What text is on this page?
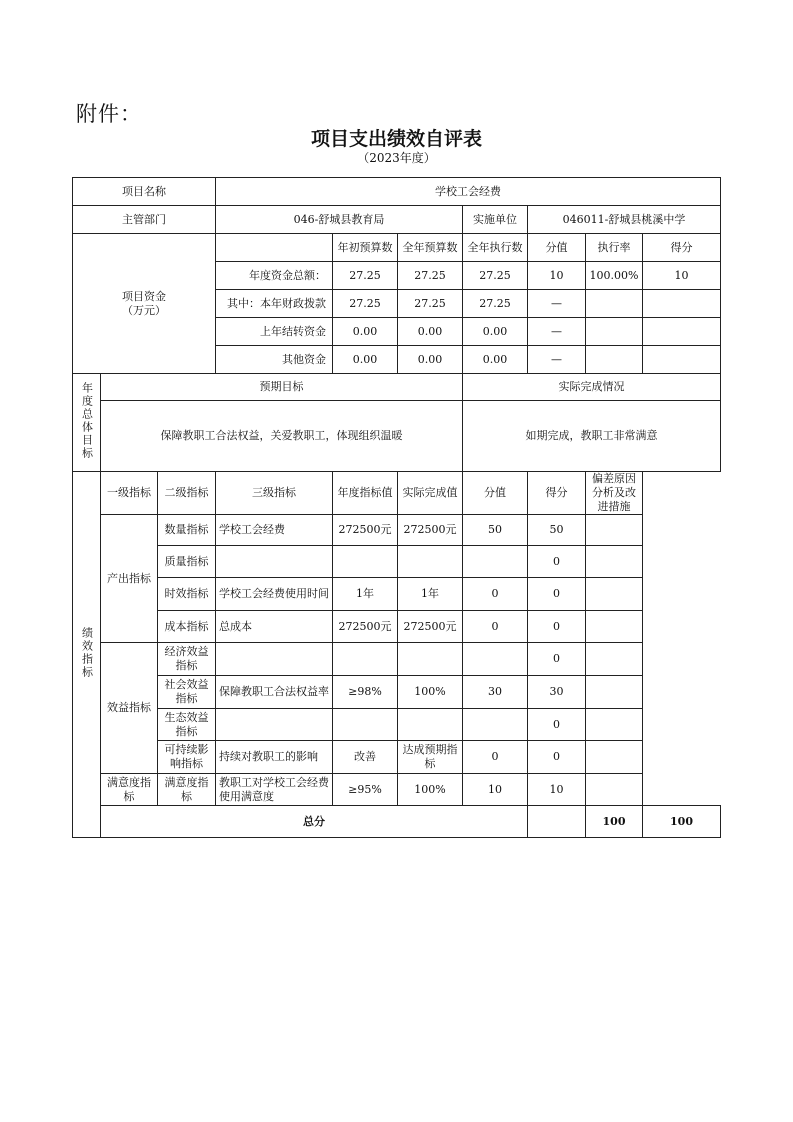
附件：
项目支出绩效自评表
（2023年度）
项目名称			学校工会经费							
主管部门			046-舒城县教育局			实施单位	046011-舒城县桃溪中学			
项目资金
（万元）				年初预算数	全年预算数	全年执行数	分值	执行率	得分	
			年度资金总额：	27.25	27.25	27.25	10	100.00%	10	
			其中：本年财政拨款	27.25	27.25	27.25	—			
			上年结转资金	0.00	0.00	0.00	—			
			其他资金	0.00	0.00	0.00	—			
年度总体目标	预期目标					实际完成情况				
	保障教职工合法权益，关爱教职工，体现组织温暖					如期完成，教职工非常满意				
绩效指标	一级指标	二级指标	三级指标	年度指标值	实际完成值	分值	得分	偏差原因分析及改进措施		
	产出指标	数量指标	学校工会经费	272500元	272500元	50	50			
		质量指标					0			
		时效指标	学校工会经费使用时间	1年	1年	0	0			
		成本指标	总成本	272500元	272500元	0	0			
	效益指标	经济效益指标					0			
		社会效益指标	保障教职工合法权益率	≥98%	100%	30	30			
		生态效益指标					0			
		可持续影响指标	持续对教职工的影响	改善	达成预期指标	0	0			
	满意度指标	满意度指标	教职工对学校工会经费使用满意度	≥95%	100%	10	10			
	总分							100	100	
